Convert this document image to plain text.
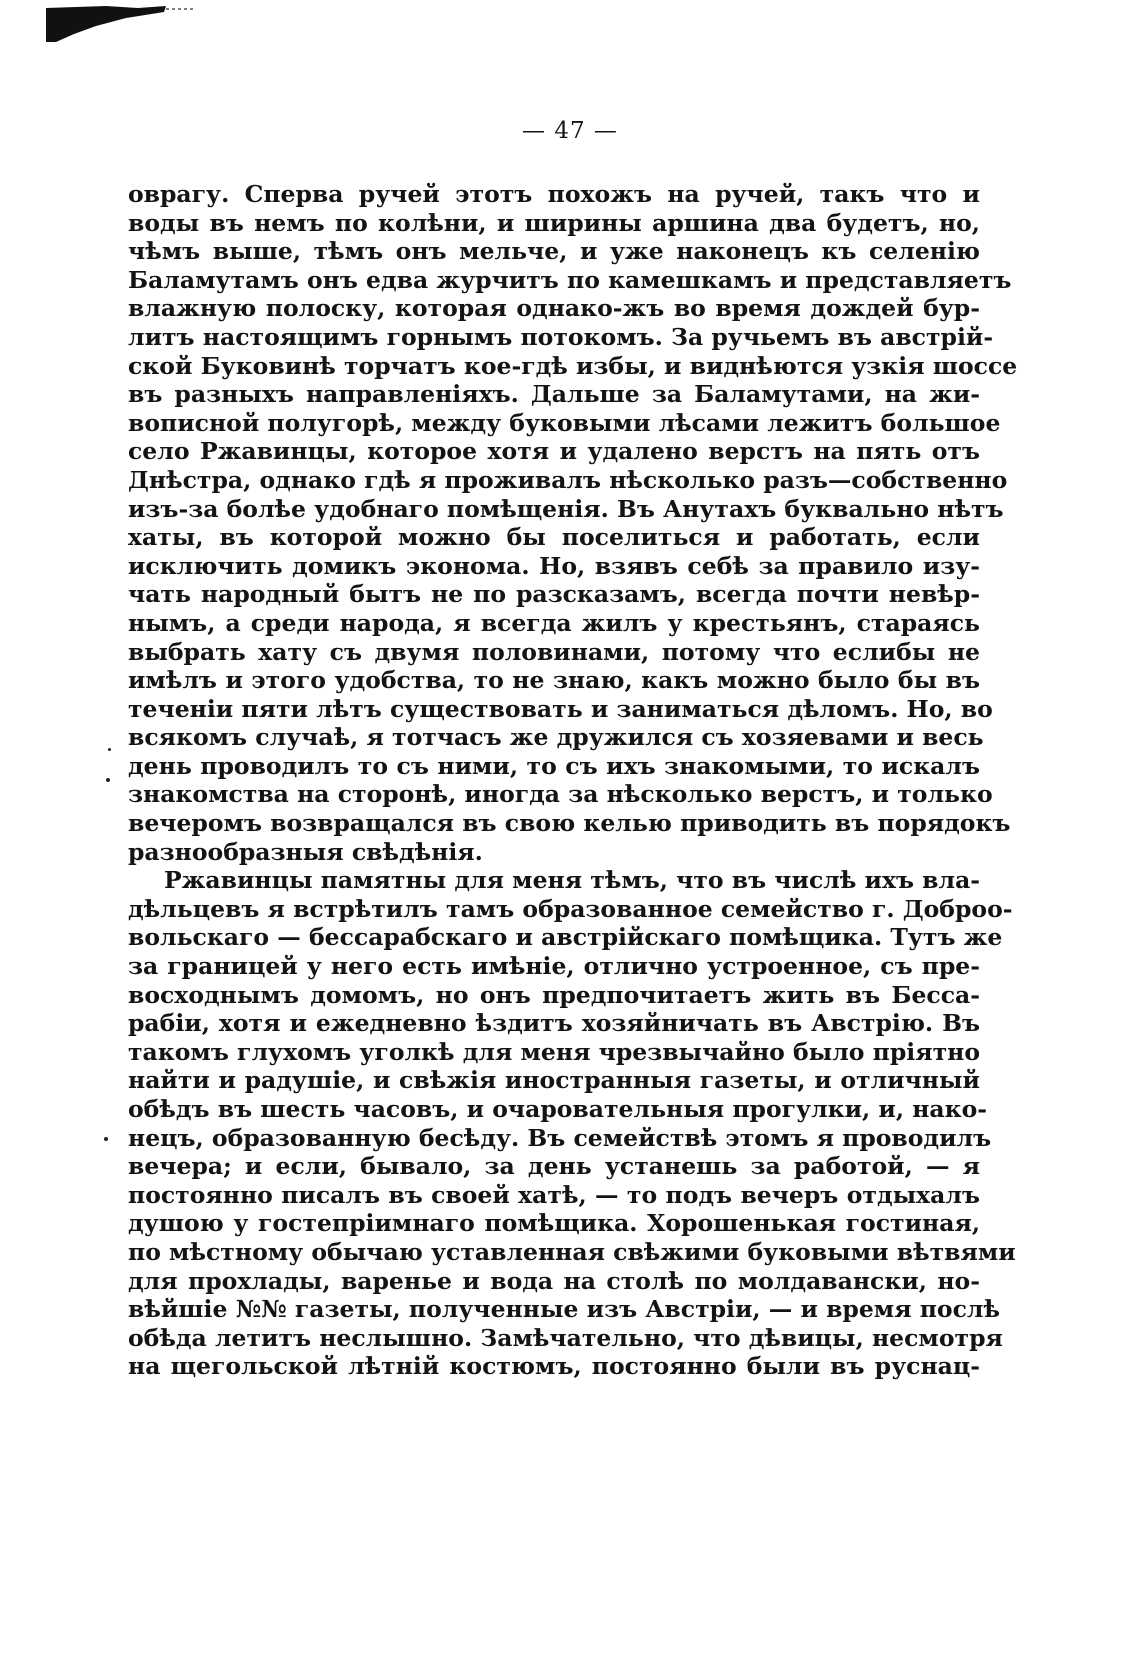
— 47 —
оврагу. Сперва ручей этотъ похожъ на ручей, такъ что и
воды въ немъ по колѣни, и ширины аршина два будетъ, но,
чѣмъ выше, тѣмъ онъ мельче, и уже наконецъ къ селенію
Баламутамъ онъ едва журчитъ по камешкамъ и представляетъ
влажную полоску, которая однако-жъ во время дождей бур-
литъ настоящимъ горнымъ потокомъ. За ручьемъ въ австрій-
ской Буковинѣ торчатъ кое-гдѣ избы, и виднѣются узкія шоссе
въ разныхъ направленіяхъ. Дальше за Баламутами, на жи-
вописной полугорѣ, между буковыми лѣсами лежитъ большое
село Ржавинцы, которое хотя и удалено верстъ на пять отъ
Днѣстра, однако гдѣ я проживалъ нѣсколько разъ—собственно
изъ-за болѣе удобнаго помѣщенія. Въ Анутахъ буквально нѣтъ
хаты, въ которой можно бы поселиться и работать, если
исключить домикъ эконома. Но, взявъ себѣ за правило изу-
чать народный бытъ не по разсказамъ, всегда почти невѣр-
нымъ, а среди народа, я всегда жилъ у крестьянъ, стараясь
выбрать хату съ двумя половинами, потому что еслибы не
имѣлъ и этого удобства, то не знаю, какъ можно было бы въ
теченіи пяти лѣтъ существовать и заниматься дѣломъ. Но, во
всякомъ случаѣ, я тотчасъ же дружился съ хозяевами и весь
день проводилъ то съ ними, то съ ихъ знакомыми, то искалъ
знакомства на сторонѣ, иногда за нѣсколько верстъ, и только
вечеромъ возвращался въ свою келью приводить въ порядокъ
разнообразныя свѣдѣнія.
Ржавинцы памятны для меня тѣмъ, что въ числѣ ихъ вла-
дѣльцевъ я встрѣтилъ тамъ образованное семейство г. Доброо-
вольскаго — бессарабскаго и австрійскаго помѣщика. Тутъ же
за границей у него есть имѣніе, отлично устроенное, съ пре-
восходнымъ домомъ, но онъ предпочитаетъ жить въ Бесса-
рабіи, хотя и ежедневно ѣздитъ хозяйничать въ Австрію. Въ
такомъ глухомъ уголкѣ для меня чрезвычайно было пріятно
найти и радушіе, и свѣжія иностранныя газеты, и отличный
обѣдъ въ шесть часовъ, и очаровательныя прогулки, и, нако-
нецъ, образованную бесѣду. Въ семействѣ этомъ я проводилъ
вечера; и если, бывало, за день устанешь за работой, — я
постоянно писалъ въ своей хатѣ, — то подъ вечеръ отдыхалъ
душою у гостепріимнаго помѣщика. Хорошенькая гостиная,
по мѣстному обычаю уставленная свѣжими буковыми вѣтвями
для прохлады, варенье и вода на столѣ по молдавански, но-
вѣйшіе №№ газеты, полученные изъ Австріи, — и время послѣ
обѣда летитъ неслышно. Замѣчательно, что дѣвицы, несмотря
на щегольской лѣтній костюмъ, постоянно были въ руснац-
